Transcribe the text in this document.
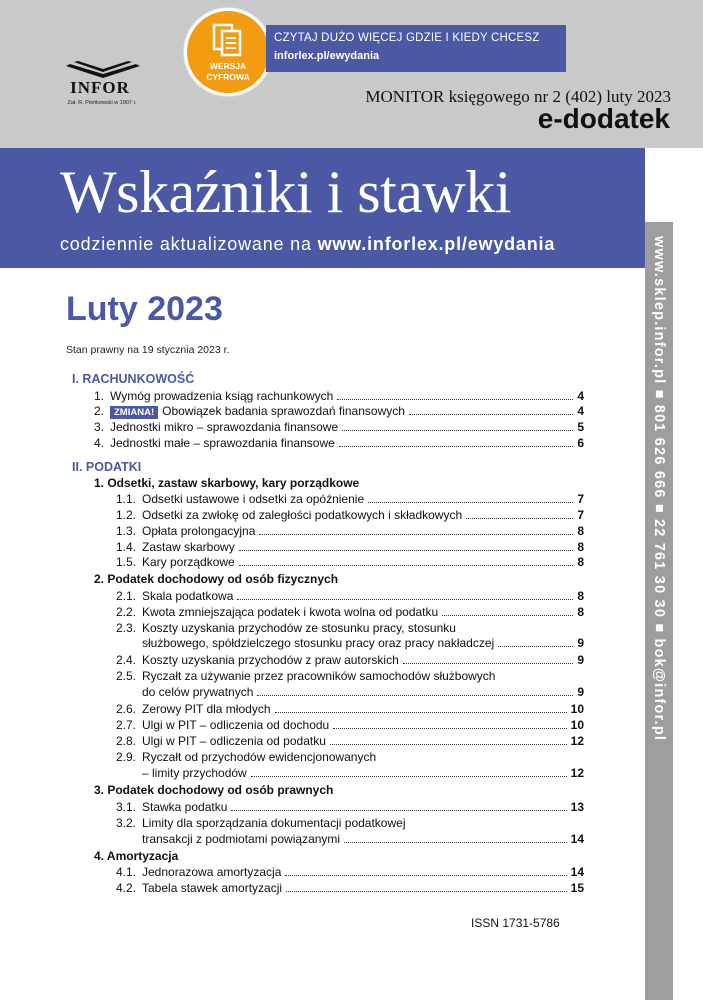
INFOR
Zał. R. Pieńkowski w 1907 r.
WERSJA
CYFROWA
CZYTAJ DUŻO WIĘCEJ GDZIE I KIEDY CHCESZ
inforlex.pl/ewydania
MONITOR księgowego nr 2 (402) luty 2023
e-dodatek
Wskaźniki i stawki
codziennie aktualizowane na www.inforlex.pl/ewydania	www.sklep.infor.pl ■ 801 626 666 ■ 22 761 30 30 ■ bok@infor.pl
Luty 2023
Stan prawny na 19 stycznia 2023 r.
I. RACHUNKOWOŚĆ
1. Wymóg prowadzenia ksiąg rachunkowych	4
2.	ZMIANA! Obowiązek badania sprawozdań finansowych	4
3. Jednostki mikro – sprawozdania finansowe	5
4. Jednostki małe – sprawozdania finansowe	6
II. PODATKI
1. Odsetki, zastaw skarbowy, kary porządkowe
1.1. Odsetki ustawowe i odsetki za opóźnienie	7
1.2. Odsetki za zwłokę od zaległości podatkowych i składkowych	7
1.3. Opłata prolongacyjna	8
1.4. Zastaw skarbowy	8
1.5. Kary porządkowe	8
2. Podatek dochodowy od osób fizycznych
2.1. Skala podatkowa	8
2.2. Kwota zmniejszająca podatek i kwota wolna od podatku	8
2.3. Koszty uzyskania przychodów ze stosunku pracy, stosunku
służbowego, spółdzielczego stosunku pracy oraz pracy nakładczej	9
2.4. Koszty uzyskania przychodów z praw autorskich	9
2.5. Ryczałt za używanie przez pracowników samochodów służbowych
do celów prywatnych	9
2.6. Zerowy PIT dla młodych	10
2.7. Ulgi w PIT – odliczenia od dochodu	10
2.8. Ulgi w PIT – odliczenia od podatku	12
2.9. Ryczałt od przychodów ewidencjonowanych
– limity przychodów	12
3. Podatek dochodowy od osób prawnych
3.1. Stawka podatku	13
3.2. Limity dla sporządzania dokumentacji podatkowej
transakcji z podmiotami powiązanymi	14
4. Amortyzacja
4.1. Jednorazowa amortyzacja	14
4.2. Tabela stawek amortyzacji	15
ISSN 1731-5786
